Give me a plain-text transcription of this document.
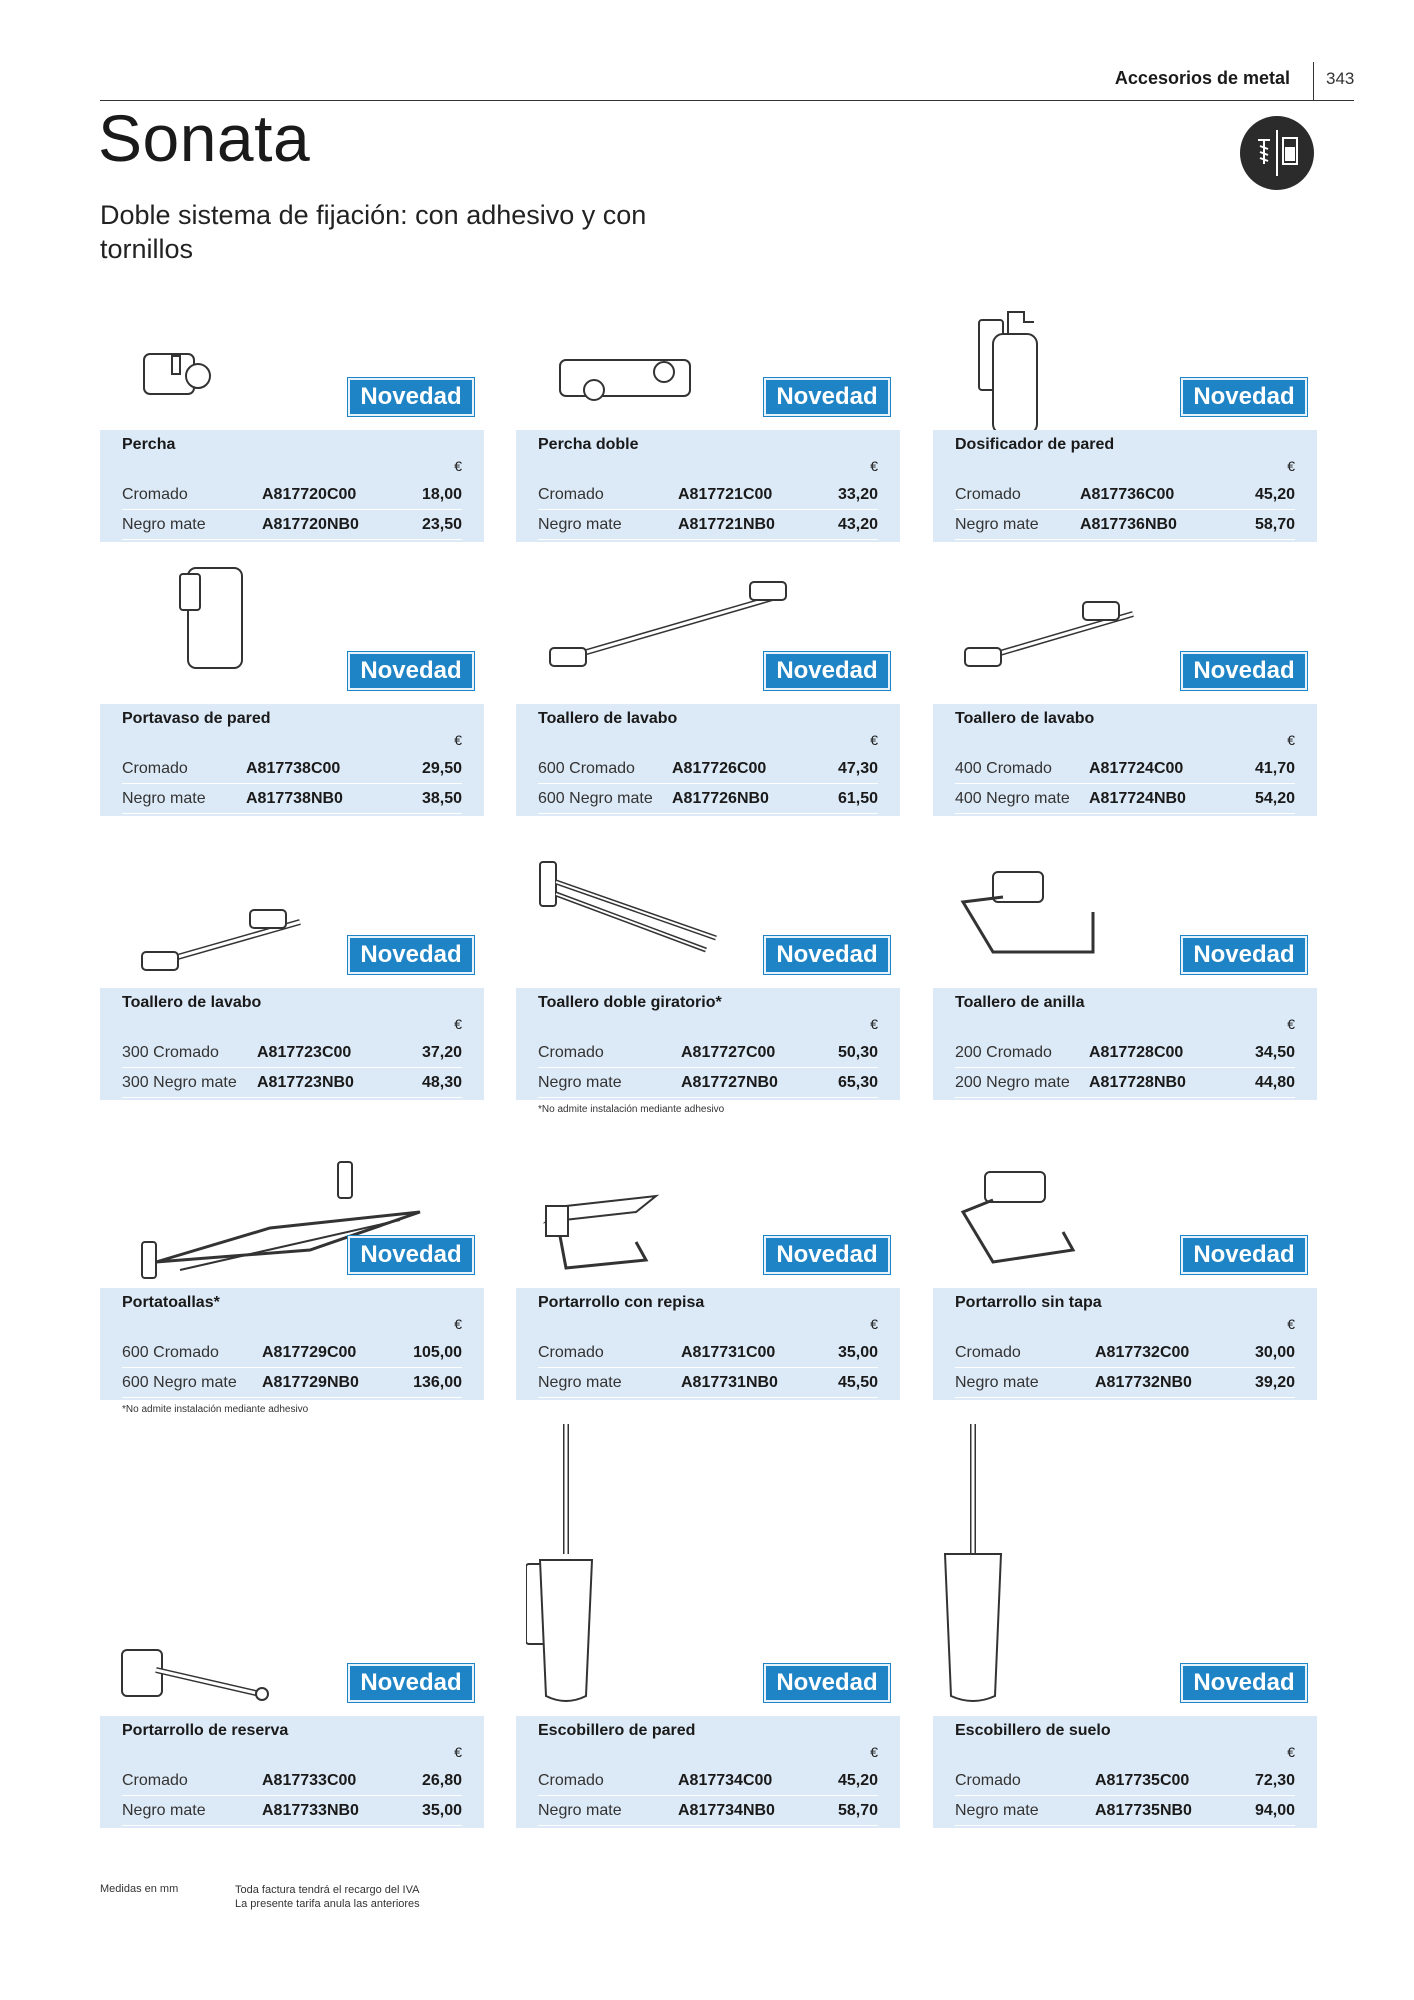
Accesorios de metal 343
Sonata
Doble sistema de fijación: con adhesivo y con tornillos
Novedad
Percha
€
Cromado	A817720C00	18,00
Negro mate	A817720NB0	23,50
Novedad
Percha doble
€
Cromado	A817721C00	33,20
Negro mate	A817721NB0	43,20
Novedad
Dosificador de pared
€
Cromado	A817736C00	45,20
Negro mate	A817736NB0	58,70
Novedad
Portavaso de pared
€
Cromado	A817738C00	29,50
Negro mate	A817738NB0	38,50
Novedad
Toallero de lavabo
€
600 Cromado A817726C00	47,30
600 Negro mate A817726NB0	61,50
Novedad
Toallero de lavabo
€
400 Cromado A817724C00	41,70
400 Negro mate A817724NB0	54,20
Novedad
Toallero de lavabo
€
300 Cromado A817723C00	37,20
300 Negro mate A817723NB0	48,30
Novedad
Toallero doble giratorio*
€
Cromado	A817727C00	50,30
Negro mate	A817727NB0	65,30
*No admite instalación mediante adhesivo
Novedad
Toallero de anilla
€
200 Cromado A817728C00	34,50
200 Negro mate A817728NB0	44,80
Novedad
Portatoallas*
€
600 Cromado	A817729C00	105,00
600 Negro mate A817729NB0	136,00
*No admite instalación mediante adhesivo
Novedad
Portarrollo con repisa
€
Cromado	A817731C00	35,00
Negro mate	A817731NB0	45,50
Novedad
Portarrollo sin tapa
€
Cromado	A817732C00	30,00
Negro mate	A817732NB0	39,20
Novedad
Portarrollo de reserva
€
Cromado	A817733C00	26,80
Negro mate	A817733NB0	35,00
Novedad
Escobillero de pared
€
Cromado	A817734C00	45,20
Negro mate	A817734NB0	58,70
Novedad
Escobillero de suelo
€
Cromado	A817735C00	72,30
Negro mate	A817735NB0	94,00
Medidas en mm	Toda factura tendrá el recargo del IVA
La presente tarifa anula las anteriores
